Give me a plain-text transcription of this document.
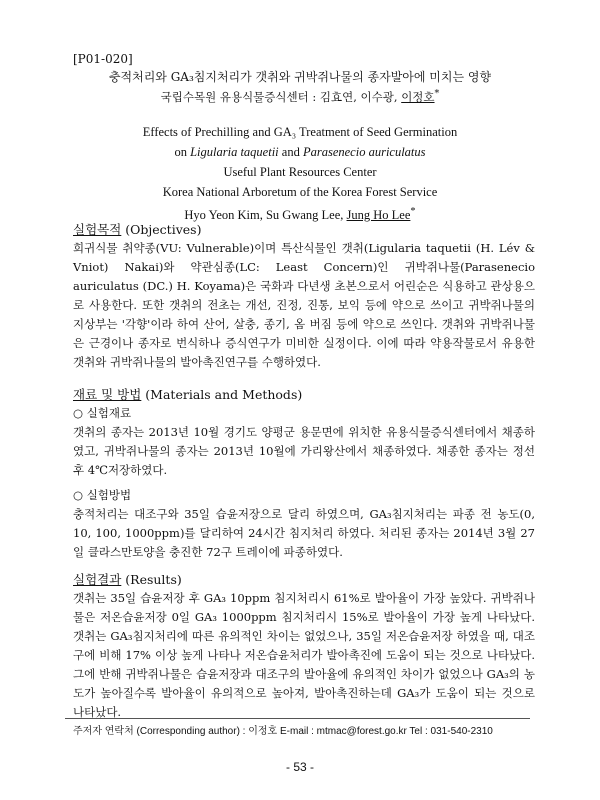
[P01-020]
충적처리와 GA₃침지처리가 갯취와 귀박쥐나물의 종자발아에 미치는 영향
국립수목원 유용식물증식센터 : 김효연, 이수광, 이정호*
Effects of Prechilling and GA₃ Treatment of Seed Germination
on Ligularia taquetii and Parasenecio auriculatus
Useful Plant Resources Center
Korea National Arboretum of the Korea Forest Service
Hyo Yeon Kim, Su Gwang Lee, Jung Ho Lee*
실험목적 (Objectives)
희귀식물 취약종(VU: Vulnerable)이며 특산식물인 갯취(Ligularia taquetii (H. Lév & Vniot) Nakai)와 약관심종(LC: Least Concern)인 귀박쥐나물(Parasenecio auriculatus (DC.) H. Koyama)은 국화과 다년생 초본으로서 어린순은 식용하고 관상용으로 사용한다. 또한 갯취의 전초는 개선, 진정, 진통, 보익 등에 약으로 쓰이고 귀박쥐나물의 지상부는 '각향'이라 하여 산어, 살충, 종기, 옴 버짐 등에 약으로 쓰인다. 갯취와 귀박쥐나물은 근경이나 종자로 번식하나 증식연구가 미비한 실정이다. 이에 따라 약용작물로서 유용한 갯취와 귀박쥐나물의 발아촉진연구를 수행하였다.
재료 및 방법 (Materials and Methods)
○ 실험재료
갯취의 종자는 2013년 10월 경기도 양평군 용문면에 위치한 유용식물증식센터에서 채종하였고, 귀박쥐나물의 종자는 2013년 10월에 가리왕산에서 채종하였다. 채종한 종자는 정선 후 4℃저장하였다.
○ 실험방법
충적처리는 대조구와 35일 습윤저장으로 달리 하였으며, GA₃침지처리는 파종 전 농도(0, 10, 100, 1000ppm)를 달리하여 24시간 침지처리 하였다. 처리된 종자는 2014년 3월 27일 클라스만토양을 충진한 72구 트레이에 파종하였다.
실험결과 (Results)
갯취는 35일 습윤저장 후 GA₃ 10ppm 침지처리시 61%로 발아율이 가장 높았다. 귀박쥐나물은 저온습윤저장 0일 GA₃ 1000ppm 침지처리시 15%로 발아율이 가장 높게 나타났다. 갯취는 GA₃침지처리에 따른 유의적인 차이는 없었으나, 35일 저온습윤저장 하였을 때, 대조구에 비해 17% 이상 높게 나타나 저온습윤처리가 발아촉진에 도움이 되는 것으로 나타났다. 그에 반해 귀박쥐나물은 습윤저장과 대조구의 발아율에 유의적인 차이가 없었으나 GA₃의 농도가 높아질수록 발아율이 유의적으로 높아져, 발아촉진하는데 GA₃가 도움이 되는 것으로 나타났다.
주저자 연락처 (Corresponding author) : 이정호 E-mail : mtmac@forest.go.kr Tel : 031-540-2310
- 53 -
